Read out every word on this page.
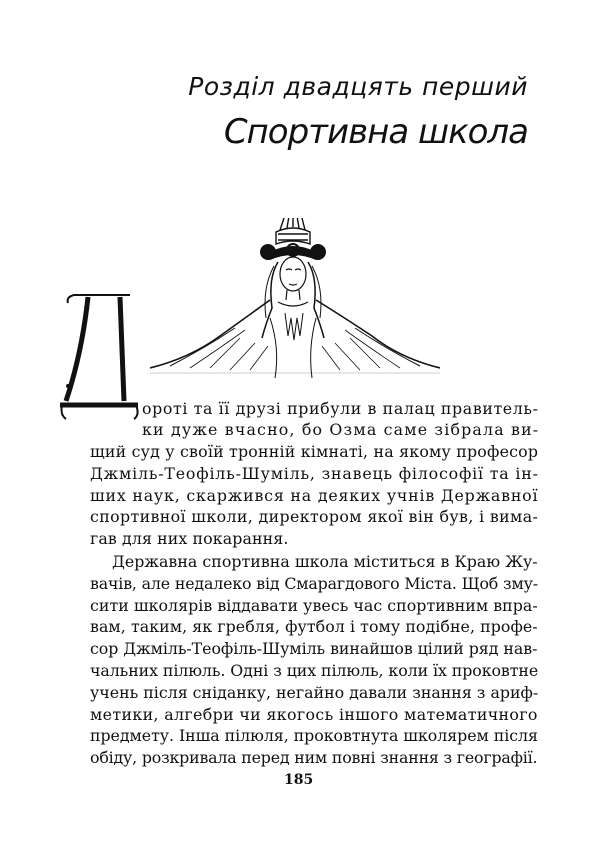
Розділ двадцять перший
Спортивна школа
ороті та її друзі прибули в палац правитель-
ки дуже вчасно, бо Озма саме зібрала ви-
щий суд у своїй тронній кімнаті, на якому професор
Джміль-Теофіль-Шуміль, знавець філософії та ін-
ших наук, скаржився на деяких учнів Державної
спортивної школи, директором якої він був, і вима-
гав для них покарання.
Державна спортивна школа міститься в Краю Жу-
вачів, але недалеко від Смарагдового Міста. Щоб зму-
сити школярів віддавати увесь час спортивним впра-
вам, таким, як гребля, футбол і тому подібне, профе-
сор Джміль-Теофіль-Шуміль винайшов цілий ряд нав-
чальних пілюль. Одні з цих пілюль, коли їх проковтне
учень після сніданку, негайно давали знання з ариф-
метики, алгебри чи якогось іншого математичного
предмету. Інша пілюля, проковтнута школярем після
обіду, розкривала перед ним повні знання з географії.
185
